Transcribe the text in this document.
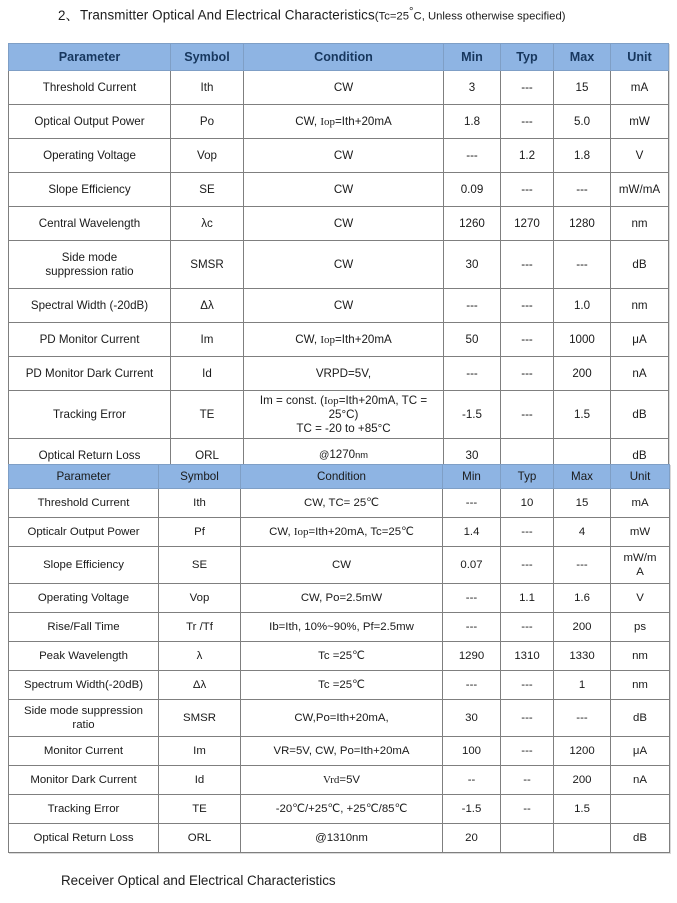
2、Transmitter Optical And Electrical Characteristics(Tc=25°C, Unless otherwise specified)
Parameter	Symbol	Condition	Min	Typ	Max	Unit
Threshold Current	Ith	CW	3	---	15	mA
Optical Output Power	Po	CW, Iop=Ith+20mA	1.8	---	5.0	mW
Operating Voltage	Vop	CW	---	1.2	1.8	V
Slope Efficiency	SE	CW	0.09	---	---	mW/mA
Central Wavelength	λc	CW	1260	1270	1280	nm
Side mode
suppression ratio	SMSR	CW	30	---	---	dB
Spectral Width (-20dB)	Δλ	CW	---	---	1.0	nm
PD Monitor Current	Im	CW, Iop=Ith+20mA	50	---	1000	μA
PD Monitor Dark Current	Id	VRPD=5V,	---	---	200	nA
Tracking Error	TE	Im = const. (Iop=Ith+20mA, TC = 25°C)
TC = -20 to +85°C	-1.5	---	1.5	dB
Optical Return Loss	ORL	@1270nm	30			dB
Parameter	Symbol	Condition	Min	Typ	Max	Unit
Threshold Current	Ith	CW, TC= 25℃	---	10	15	mA
Opticalr Output Power	Pf	CW, Iop=Ith+20mA, Tc=25℃	1.4	---	4	mW
Slope Efficiency	SE	CW	0.07	---	---	mW/m
A
Operating Voltage	Vop	CW, Po=2.5mW	---	1.1	1.6	V
Rise/Fall Time	Tr /Tf	Ib=Ith, 10%~90%, Pf=2.5mw	---	---	200	ps
Peak Wavelength	λ	Tc =25℃	1290	1310	1330	nm
Spectrum Width(-20dB)	Δλ	Tc =25℃	---	---	1	nm
Side mode suppression
ratio	SMSR	CW,Po=Ith+20mA,	30	---	---	dB
Monitor Current	Im	VR=5V, CW, Po=Ith+20mA	100	---	1200	μA
Monitor Dark Current	Id	Vrd=5V	--	--	200	nA
Tracking Error	TE	-20℃/+25℃, +25℃/85℃	-1.5	--	1.5	
Optical Return Loss	ORL	@1310nm	20			dB
Receiver Optical and Electrical Characteristics
